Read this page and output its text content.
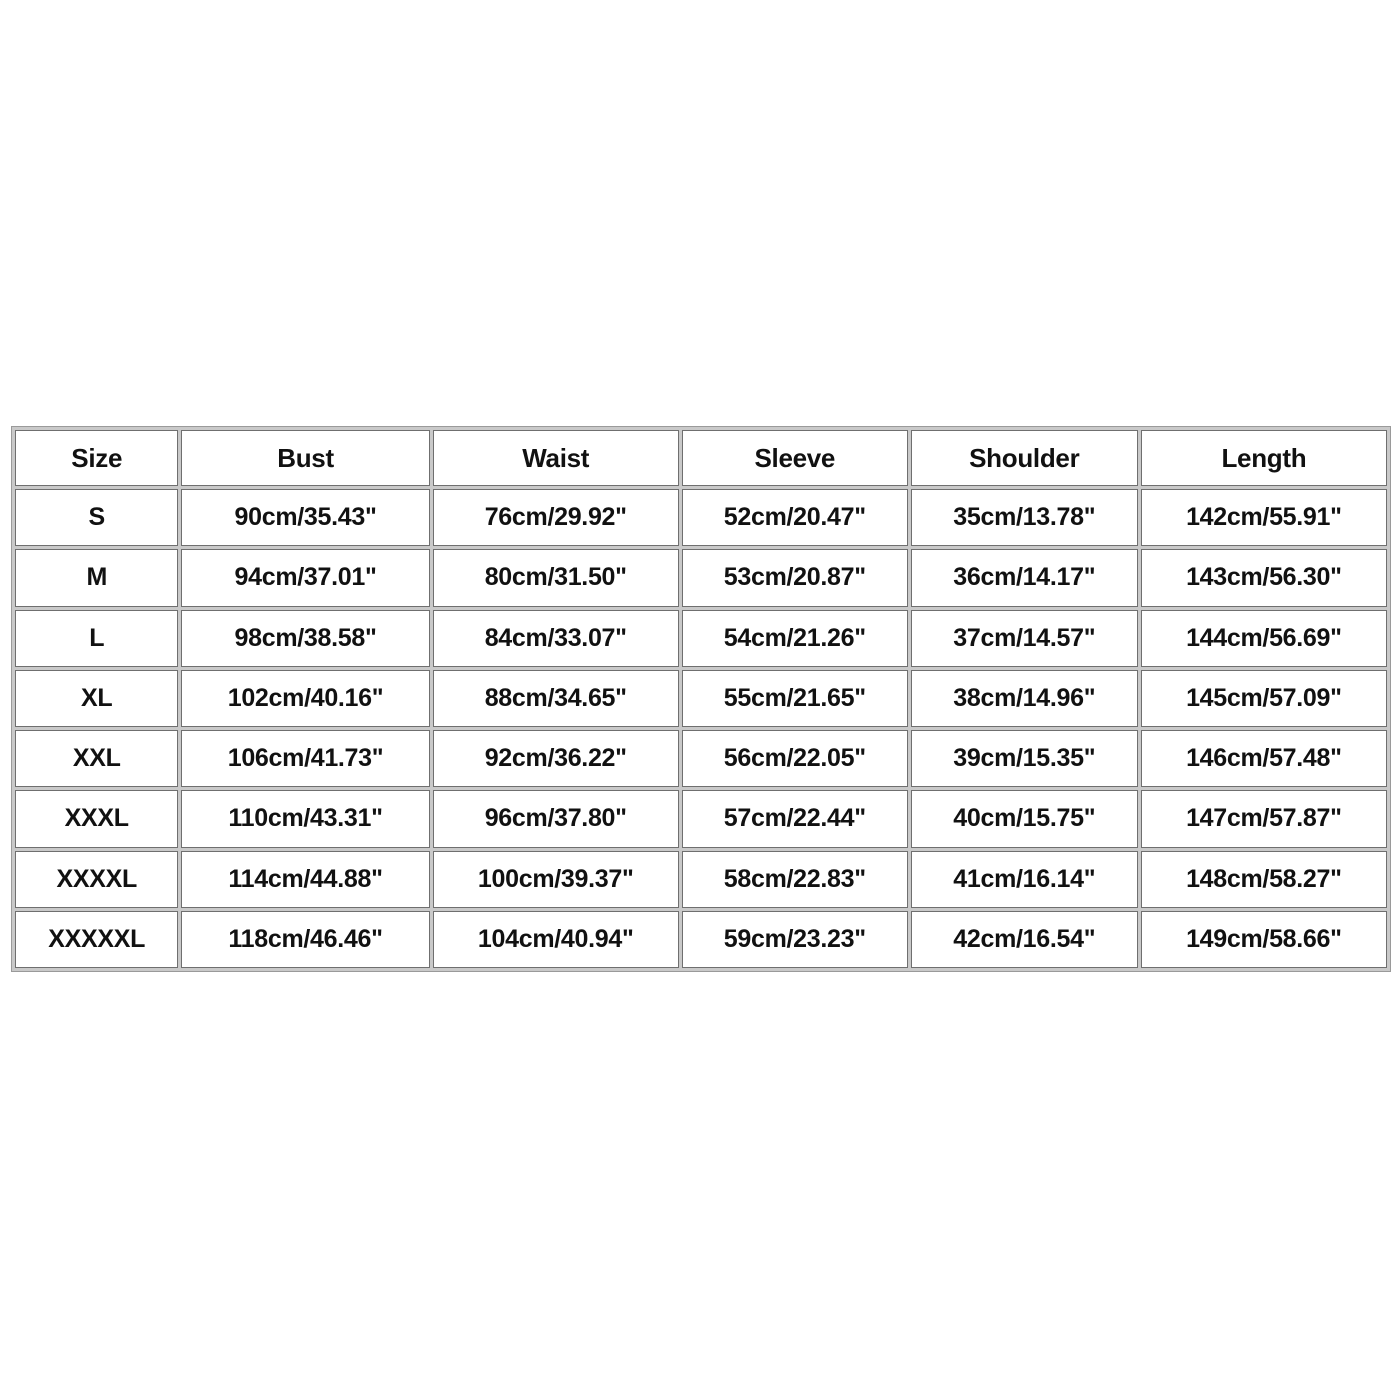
Size	Bust	Waist	Sleeve	Shoulder	Length
S	90cm/35.43"	76cm/29.92"	52cm/20.47"	35cm/13.78"	142cm/55.91"
M	94cm/37.01"	80cm/31.50"	53cm/20.87"	36cm/14.17"	143cm/56.30"
L	98cm/38.58"	84cm/33.07"	54cm/21.26"	37cm/14.57"	144cm/56.69"
XL	102cm/40.16"	88cm/34.65"	55cm/21.65"	38cm/14.96"	145cm/57.09"
XXL	106cm/41.73"	92cm/36.22"	56cm/22.05"	39cm/15.35"	146cm/57.48"
XXXL	110cm/43.31"	96cm/37.80"	57cm/22.44"	40cm/15.75"	147cm/57.87"
XXXXL	114cm/44.88"	100cm/39.37"	58cm/22.83"	41cm/16.14"	148cm/58.27"
XXXXXL	118cm/46.46"	104cm/40.94"	59cm/23.23"	42cm/16.54"	149cm/58.66"
